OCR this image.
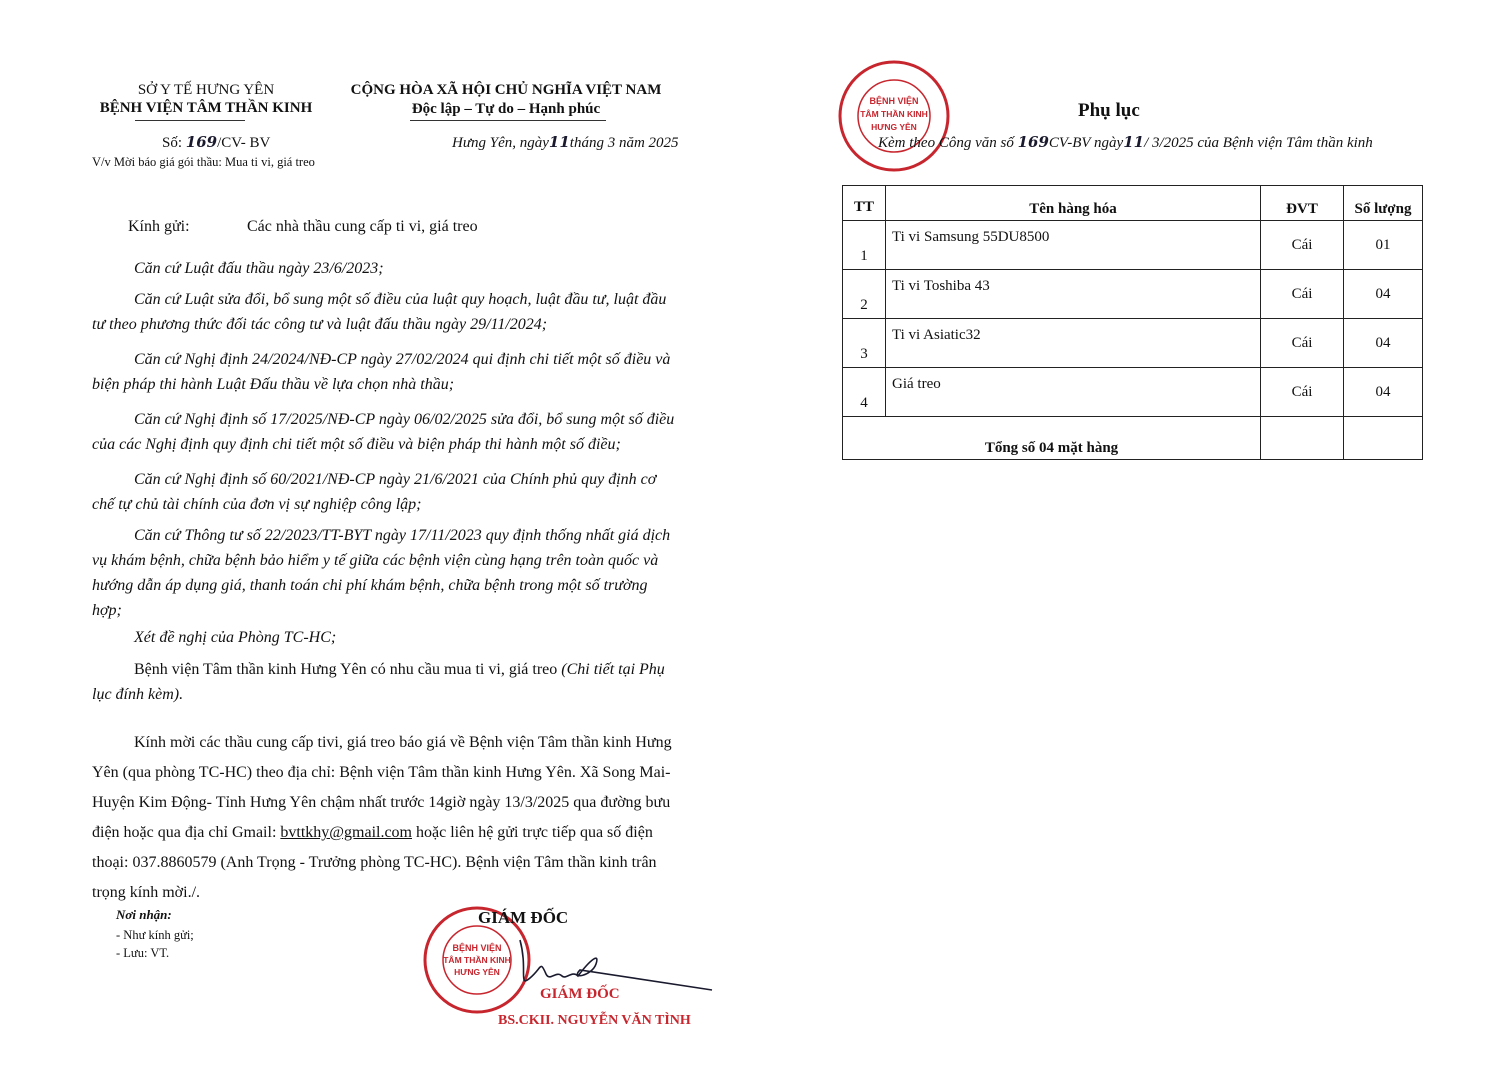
SỞ Y TẾ HƯNG YÊN
BỆNH VIỆN TÂM THẦN KINH
CỘNG HÒA XÃ HỘI CHỦ NGHĨA VIỆT NAM
Độc lập – Tự do – Hạnh phúc
Số: 169/CV- BV	Hưng Yên, ngày11tháng 3 năm 2025
V/v Mời báo giá gói thầu: Mua ti vi, giá treo
Kính gửi:	Các nhà thầu cung cấp ti vi, giá treo
Căn cứ Luật đấu thầu ngày 23/6/2023;
Căn cứ Luật sửa đổi, bổ sung một số điều của luật quy hoạch, luật đầu tư, luật đầu tư theo phương thức đối tác công tư và luật đấu thầu ngày 29/11/2024;
Căn cứ Nghị định 24/2024/NĐ-CP ngày 27/02/2024 qui định chi tiết một số điều và biện pháp thi hành Luật Đấu thầu về lựa chọn nhà thầu;
Căn cứ Nghị định số 17/2025/NĐ-CP ngày 06/02/2025 sửa đổi, bổ sung một số điều của các Nghị định quy định chi tiết một số điều và biện pháp thi hành một số điều;
Căn cứ Nghị định số 60/2021/NĐ-CP ngày 21/6/2021 của Chính phủ quy định cơ chế tự chủ tài chính của đơn vị sự nghiệp công lập;
Căn cứ Thông tư số 22/2023/TT-BYT ngày 17/11/2023 quy định thống nhất giá dịch vụ khám bệnh, chữa bệnh bảo hiểm y tế giữa các bệnh viện cùng hạng trên toàn quốc và hướng dẫn áp dụng giá, thanh toán chi phí khám bệnh, chữa bệnh trong một số trường hợp;
Xét đề nghị của Phòng TC-HC;
Bệnh viện Tâm thần kinh Hưng Yên có nhu cầu mua ti vi, giá treo (Chi tiết tại Phụ lục đính kèm).
Kính mời các thầu cung cấp tivi, giá treo báo giá về Bệnh viện Tâm thần kinh Hưng Yên (qua phòng TC-HC) theo địa chỉ: Bệnh viện Tâm thần kinh Hưng Yên. Xã Song Mai- Huyện Kim Động- Tỉnh Hưng Yên chậm nhất trước 14giờ ngày 13/3/2025 qua đường bưu điện hoặc qua địa chỉ Gmail: bvttkhy@gmail.com hoặc liên hệ gửi trực tiếp qua số điện thoại: 037.8860579 (Anh Trọng - Trưởng phòng TC-HC). Bệnh viện Tâm thần kinh trân trọng kính mời./.
Nơi nhận:
- Như kính gửi;
- Lưu: VT.	BỆNH VIỆN
TÂM THẦN KINH
HƯNG YÊN
GIÁM ĐỐC
GIÁM ĐỐC
BS.CKII. NGUYỄN VĂN TÌNH
BỆNH VIỆN
TÂM THẦN KINH
HƯNG YÊN
Phụ lục
Kèm theo Công văn số 169CV-BV ngày11/ 3/2025 của Bệnh viện Tâm thần kinh
TT	Tên hàng hóa	ĐVT	Số lượng
1	Ti vi Samsung 55DU8500	Cái	01
2	Ti vi Toshiba 43	Cái	04
3	Ti vi Asiatic32	Cái	04
4	Giá treo	Cái	04
Tổng số 04 mặt hàng			
